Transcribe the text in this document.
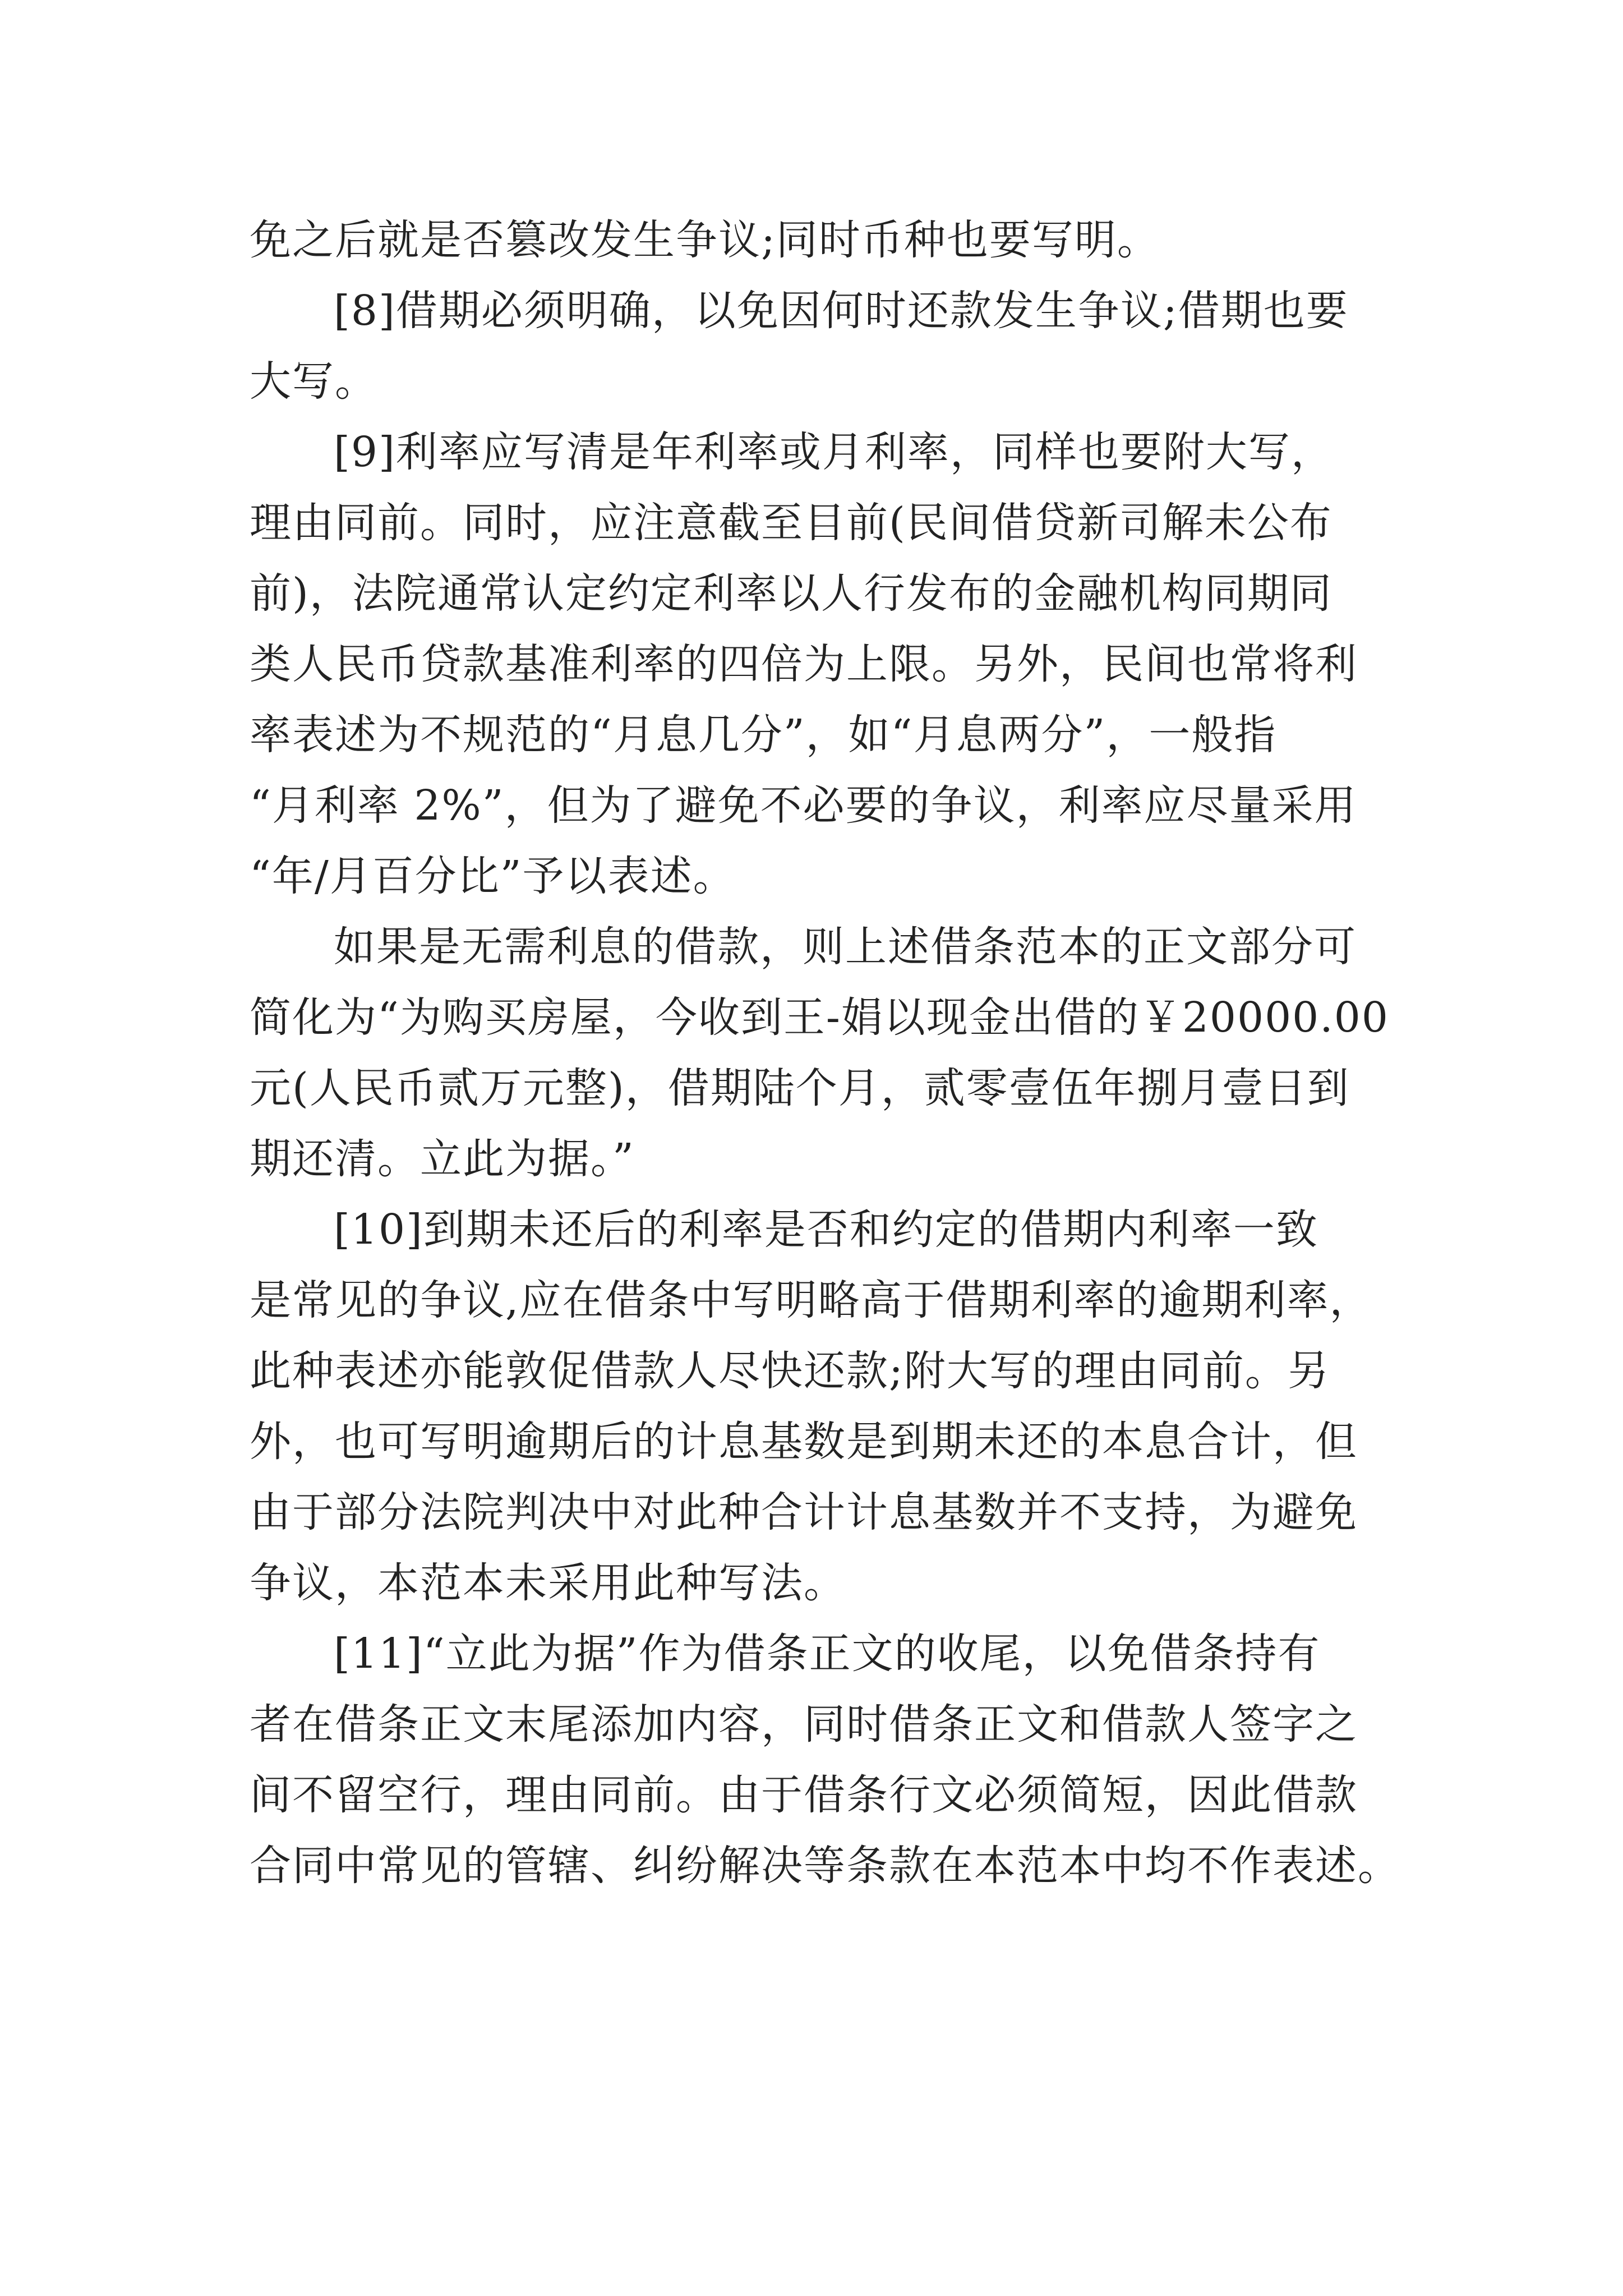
免之后就是否篡改发生争议;同时币种也要写明。
[8]借期必须明确，以免因何时还款发生争议;借期也要
大写。
[9]利率应写清是年利率或月利率，同样也要附大写，
理由同前。同时，应注意截至目前(民间借贷新司解未公布
前)，法院通常认定约定利率以人行发布的金融机构同期同
类人民币贷款基准利率的四倍为上限。另外，民间也常将利
率表述为不规范的“月息几分”，如“月息两分”，一般指
“月利率 2%”，但为了避免不必要的争议，利率应尽量采用
“年/月百分比”予以表述。
如果是无需利息的借款，则上述借条范本的正文部分可
简化为“为购买房屋，今收到王-娟以现金出借的￥20000.00
元(人民币贰万元整)，借期陆个月，贰零壹伍年捌月壹日到
期还清。立此为据。”
[10]到期未还后的利率是否和约定的借期内利率一致
是常见的争议,应在借条中写明略高于借期利率的逾期利率，
此种表述亦能敦促借款人尽快还款;附大写的理由同前。另
外，也可写明逾期后的计息基数是到期未还的本息合计，但
由于部分法院判决中对此种合计计息基数并不支持，为避免
争议，本范本未采用此种写法。
[11]“立此为据”作为借条正文的收尾，以免借条持有
者在借条正文末尾添加内容，同时借条正文和借款人签字之
间不留空行，理由同前。由于借条行文必须简短，因此借款
合同中常见的管辖、纠纷解决等条款在本范本中均不作表述。
